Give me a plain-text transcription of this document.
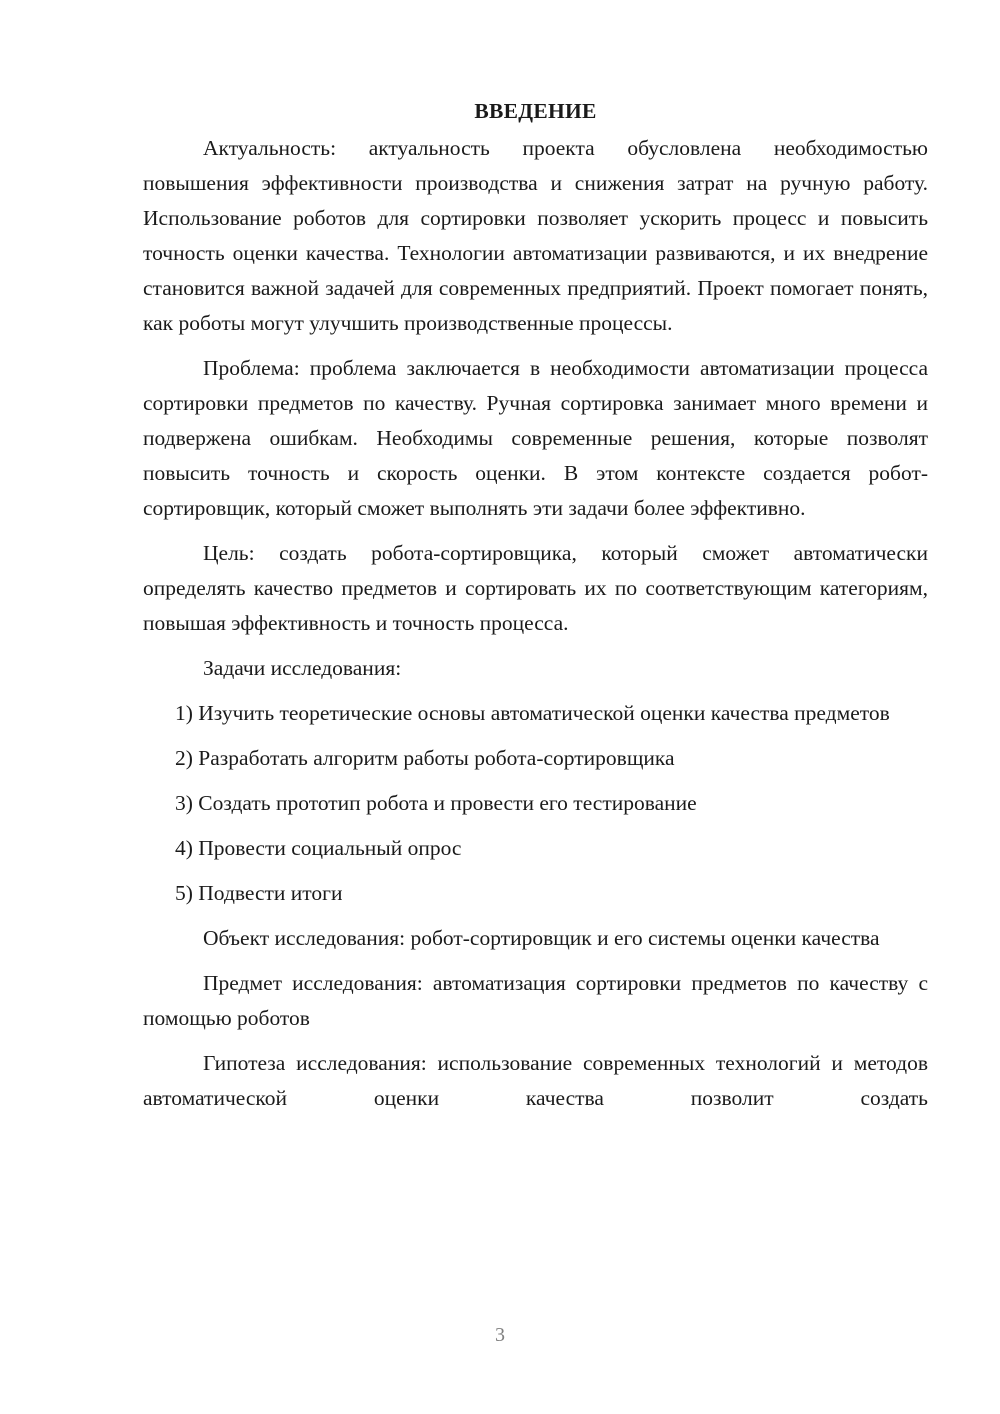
ВВЕДЕНИЕ

Актуальность: актуальность проекта обусловлена необходимостью повышения эффективности производства и снижения затрат на ручную работу. Использование роботов для сортировки позволяет ускорить процесс и повысить точность оценки качества. Технологии автоматизации развиваются, и их внедрение становится важной задачей для современных предприятий. Проект помогает понять, как роботы могут улучшить производственные процессы.

Проблема: проблема заключается в необходимости автоматизации процесса сортировки предметов по качеству. Ручная сортировка занимает много времени и подвержена ошибкам. Необходимы современные решения, которые позволят повысить точность и скорость оценки. В этом контексте создается робот-сортировщик, который сможет выполнять эти задачи более эффективно.

Цель: создать робота-сортировщика, который сможет автоматически определять качество предметов и сортировать их по соответствующим категориям, повышая эффективность и точность процесса.

Задачи исследования:

1) Изучить теоретические основы автоматической оценки качества предметов

2) Разработать алгоритм работы робота-сортировщика

3) Создать прототип робота и провести его тестирование

4) Провести социальный опрос

5) Подвести итоги

Объект исследования: робот-сортировщик и его системы оценки качества

Предмет исследования: автоматизация сортировки предметов по качеству с помощью роботов

Гипотеза исследования: использование современных технологий и методов автоматической оценки качества позволит создать

3
